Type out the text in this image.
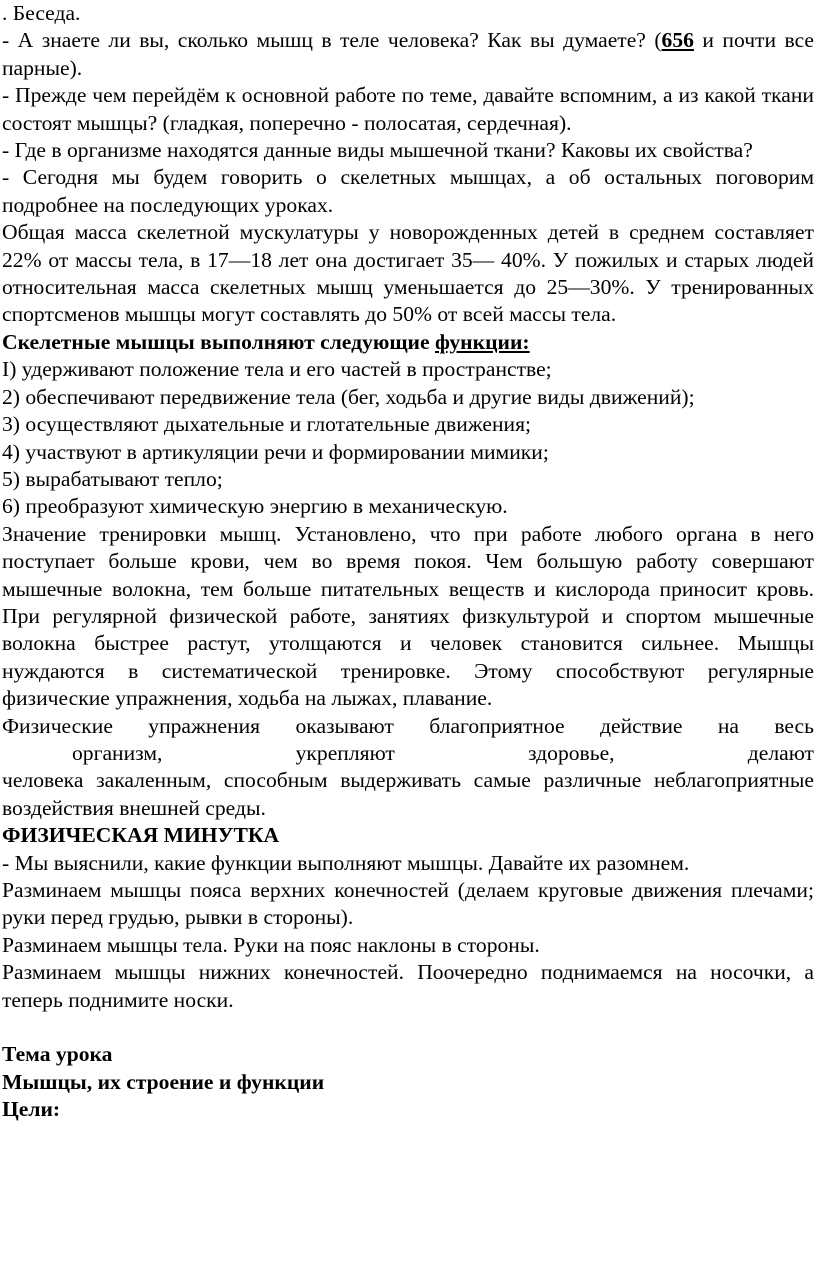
. Беседа.

- А знаете ли вы, сколько мышц в теле человека? Как вы думаете? (656 и почти все парные).

- Прежде чем перейдём к основной работе по теме, давайте вспомним, а из какой ткани состоят мышцы? (гладкая, поперечно - полосатая, сердечная).

- Где в организме находятся данные виды мышечной ткани? Каковы их свойства?

- Сегодня мы будем говорить о скелетных мышцах, а об остальных поговорим подробнее на последующих уроках.

Общая масса скелетной мускулатуры у новорожденных детей в среднем составляет 22% от массы тела, в 17—18 лет она достигает 35— 40%. У пожилых и старых людей относительная масса скелетных мышц уменьшается до 25—30%. У тренированных спортсменов мышцы могут составлять до 50% от всей массы тела.

Скелетные мышцы выполняют следующие функции:

I) удерживают положение тела и его частей в пространстве;

2) обеспечивают передвижение тела (бег, ходьба и другие виды движений);

3) осуществляют дыхательные и глотательные движения;

4) участвуют в артикуляции речи и формировании мимики;

5) вырабатывают тепло;

6) преобразуют химическую энергию в механическую.

Значение тренировки мышц. Установлено, что при работе любого органа в него поступает больше крови, чем во время покоя. Чем большую работу совершают мышечные волокна, тем больше питательных веществ и кислорода приносит кровь. При регулярной физической работе, занятиях физкультурой и спортом мышечные волокна быстрее растут, утолщаются и человек становится сильнее. Мышцы нуждаются в систематической тренировке. Этому способствуют регулярные физические упражнения, ходьба на лыжах, плавание.

Физические упражнения оказывают благоприятное действие на весь

организм, укрепляют здоровье, делают

человека закаленным, способным выдерживать самые различные неблагоприятные воздействия внешней среды.

ФИЗИЧЕСКАЯ МИНУТКА

- Мы выяснили, какие функции выполняют мышцы. Давайте их разомнем.

Разминаем мышцы пояса верхних конечностей (делаем круговые движения плечами; руки перед грудью, рывки в стороны).

Разминаем мышцы тела. Руки на пояс наклоны в стороны.

Разминаем мышцы нижних конечностей. Поочередно поднимаемся на носочки, а теперь поднимите носки.

Тема урока

Мышцы, их строение и функции

Цели:
